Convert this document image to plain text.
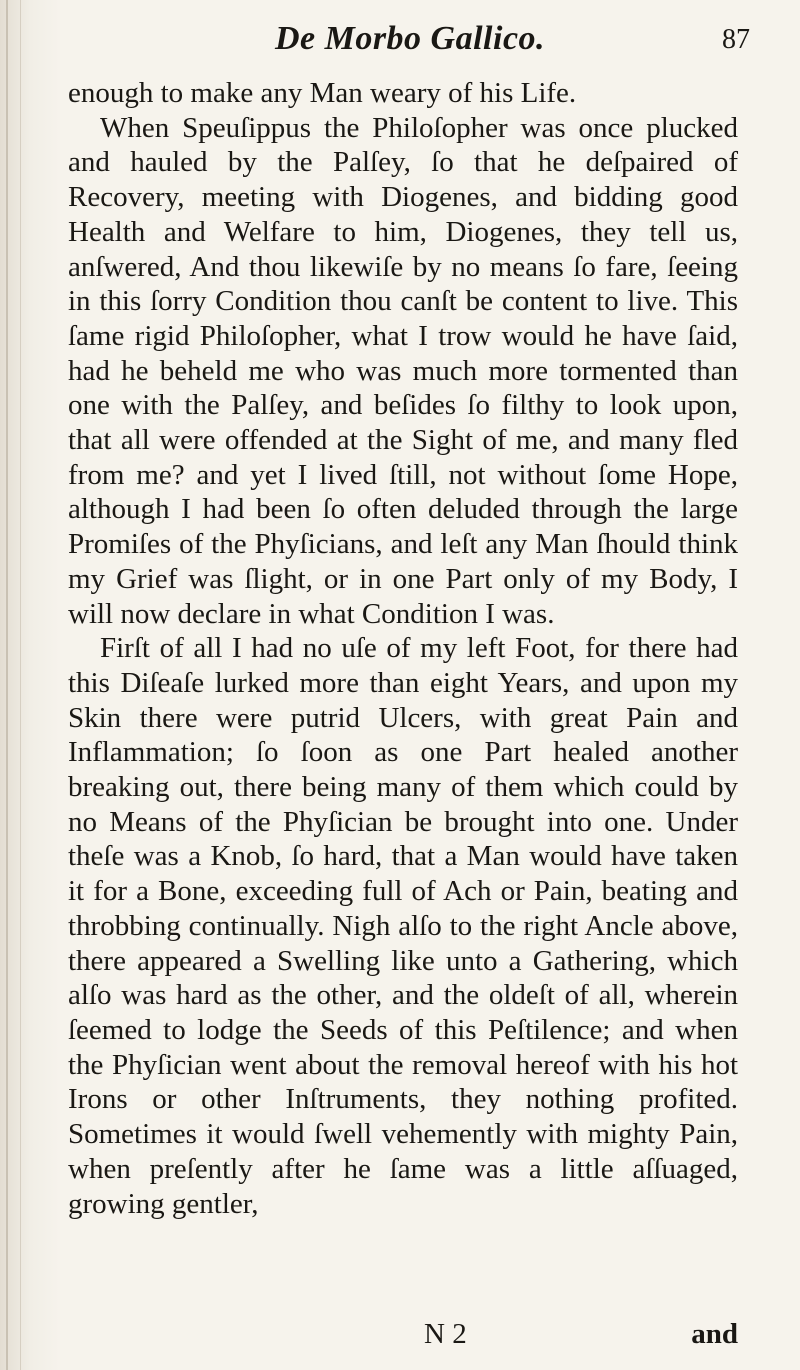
De Morbo Gallico.	87

enough to make any Man weary of his Life.

When Speuſippus the Philoſopher was once plucked and hauled by the Palſey, ſo that he deſpaired of Recovery, meeting with Diogenes, and bidding good Health and Welfare to him, Diogenes, they tell us, anſwered, And thou likewiſe by no means ſo fare, ſeeing in this ſorry Condition thou canſt be content to live. This ſame rigid Philoſopher, what I trow would he have ſaid, had he beheld me who was much more tormented than one with the Palſey, and beſides ſo filthy to look upon, that all were offended at the Sight of me, and many fled from me? and yet I lived ſtill, not without ſome Hope, although I had been ſo often deluded through the large Promiſes of the Phyſicians, and leſt any Man ſhould think my Grief was ſlight, or in one Part only of my Body, I will now declare in what Condition I was.

Firſt of all I had no uſe of my left Foot, for there had this Diſeaſe lurked more than eight Years, and upon my Skin there were putrid Ulcers, with great Pain and Inflammation; ſo ſoon as one Part healed another breaking out, there being many of them which could by no Means of the Phyſician be brought into one. Under theſe was a Knob, ſo hard, that a Man would have taken it for a Bone, exceeding full of Ach or Pain, beating and throbbing continually. Nigh alſo to the right Ancle above, there appeared a Swelling like unto a Gathering, which alſo was hard as the other, and the oldeſt of all, wherein ſeemed to lodge the Seeds of this Peſtilence; and when the Phyſician went about the removal hereof with his hot Irons or other Inſtruments, they nothing profited. Sometimes it would ſwell vehemently with mighty Pain, when preſently after he ſame was a little aſſuaged, growing gentler,

N 2	and
